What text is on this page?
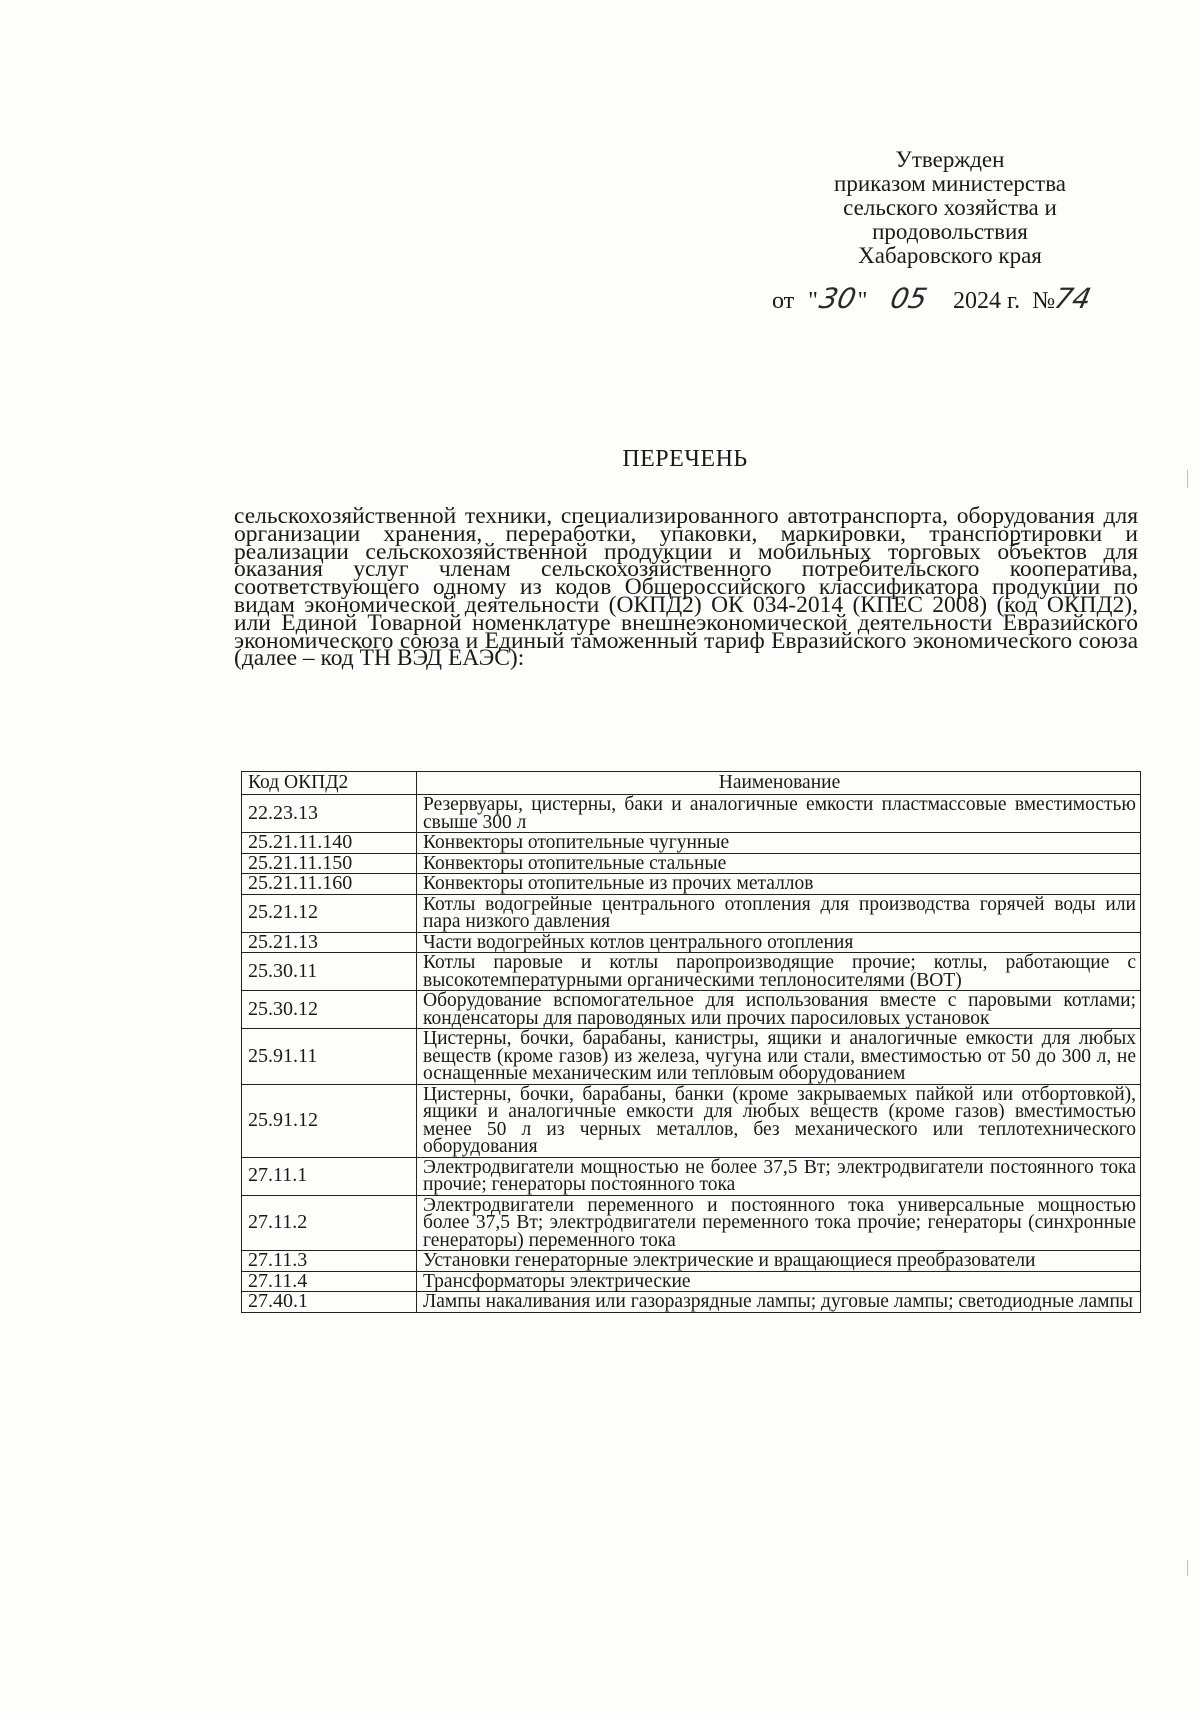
Утвержден
приказом министерства
сельского хозяйства и
продовольствия
Хабаровского края
от "
30
" 05 2024 г. №
74
ПЕРЕЧЕНЬ

сельскохозяйственной техники, специализированного автотранспорта, оборудования для организации хранения, переработки, упаковки, маркировки, транспортировки и реализации сельскохозяйственной продукции и мобильных торговых объектов для оказания услуг членам сельскохозяйственного потребительского кооператива, соответствующего одному из кодов Общероссийского классификатора продукции по видам экономической деятельности (ОКПД2) ОК 034-2014 (КПЕС 2008) (код ОКПД2), или Единой Товарной номенклатуре внешнеэкономической деятельности Евразийского экономического союза и Единый таможенный тариф Евразийского экономического союза (далее – код ТН ВЭД ЕАЭС):

Код ОКПД2	Наименование
22.23.13	Резервуары, цистерны, баки и аналогичные емкости пластмассовые вместимостью свыше 300 л
25.21.11.140	Конвекторы отопительные чугунные
25.21.11.150	Конвекторы отопительные стальные
25.21.11.160	Конвекторы отопительные из прочих металлов
25.21.12	Котлы водогрейные центрального отопления для производства горячей воды или пара низкого давления
25.21.13	Части водогрейных котлов центрального отопления
25.30.11	Котлы паровые и котлы паропроизводящие прочие; котлы, работающие с высокотемпературными органическими теплоносителями (ВОТ)
25.30.12	Оборудование вспомогательное для использования вместе с паровыми котлами; конденсаторы для пароводяных или прочих паросиловых установок
25.91.11	Цистерны, бочки, барабаны, канистры, ящики и аналогичные емкости для любых веществ (кроме газов) из железа, чугуна или стали, вместимостью от 50 до 300 л, не оснащенные механическим или тепловым оборудованием
25.91.12	Цистерны, бочки, барабаны, банки (кроме закрываемых пайкой или отбортовкой), ящики и аналогичные емкости для любых веществ (кроме газов) вместимостью менее 50 л из черных металлов, без механического или теплотехнического оборудования
27.11.1	Электродвигатели мощностью не более 37,5 Вт; электродвигатели постоянного тока прочие; генераторы постоянного тока
27.11.2	Электродвигатели переменного и постоянного тока универсальные мощностью более 37,5 Вт; электродвигатели переменного тока прочие; генераторы (синхронные генераторы) переменного тока
27.11.3	Установки генераторные электрические и вращающиеся преобразователи
27.11.4	Трансформаторы электрические
27.40.1	Лампы накаливания или газоразрядные лампы; дуговые лампы; светодиодные лампы
